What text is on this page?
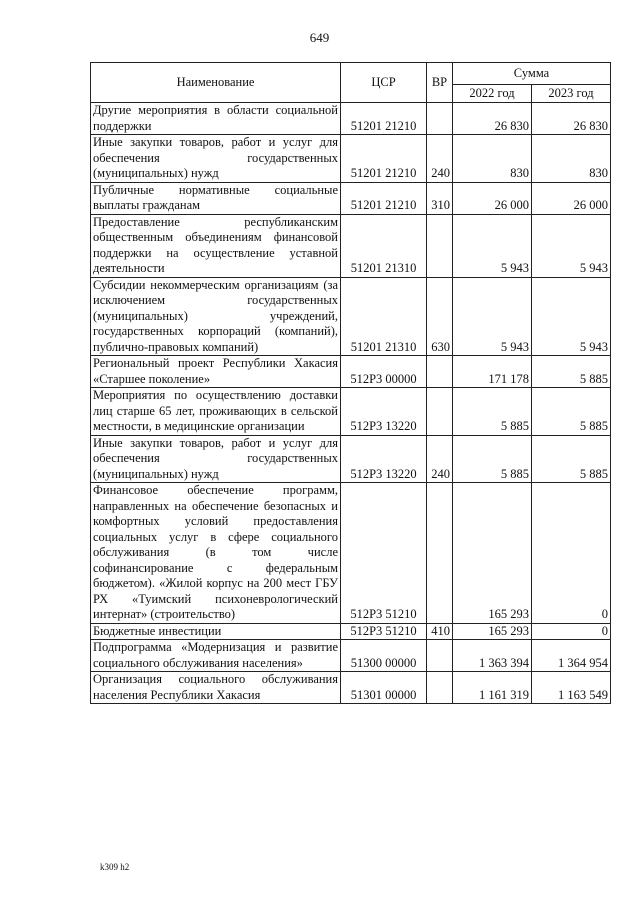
649
Наименование	ЦСР	ВР	Сумма	
			2022 год	2023 год
Другие мероприятия в области социальной поддержки	51201 21210		26 830	26 830
Иные закупки товаров, работ и услуг для обеспечения государственных (муниципальных) нужд	51201 21210	240	830	830
Публичные нормативные социальные выплаты гражданам	51201 21210	310	26 000	26 000
Предоставление республиканским общественным объединениям финансовой поддержки на осуществление уставной деятельности	51201 21310		5 943	5 943
Субсидии некоммерческим организациям (за исключением государственных (муниципальных) учреждений, государственных корпораций (компаний), публично-правовых компаний)	51201 21310	630	5 943	5 943
Региональный проект Республики Хакасия «Старшее поколение»	512P3 00000		171 178	5 885
Мероприятия по осуществлению доставки лиц старше 65 лет, проживающих в сельской местности, в медицинские организации	512P3 13220		5 885	5 885
Иные закупки товаров, работ и услуг для обеспечения государственных (муниципальных) нужд	512P3 13220	240	5 885	5 885
Финансовое обеспечение программ, направленных на обеспечение безопасных и комфортных условий предоставления социальных услуг в сфере социального обслуживания (в том числе софинансирование с федеральным бюджетом). «Жилой корпус на 200 мест ГБУ РХ «Туимский психоневрологический интернат» (строительство)	512P3 51210		165 293	0
Бюджетные инвестиции	512P3 51210	410	165 293	0
Подпрограмма «Модернизация и развитие социального обслуживания населения»	51300 00000		1 363 394	1 364 954
Организация социального обслуживания населения Республики Хакасия	51301 00000		1 161 319	1 163 549
k309 h2
